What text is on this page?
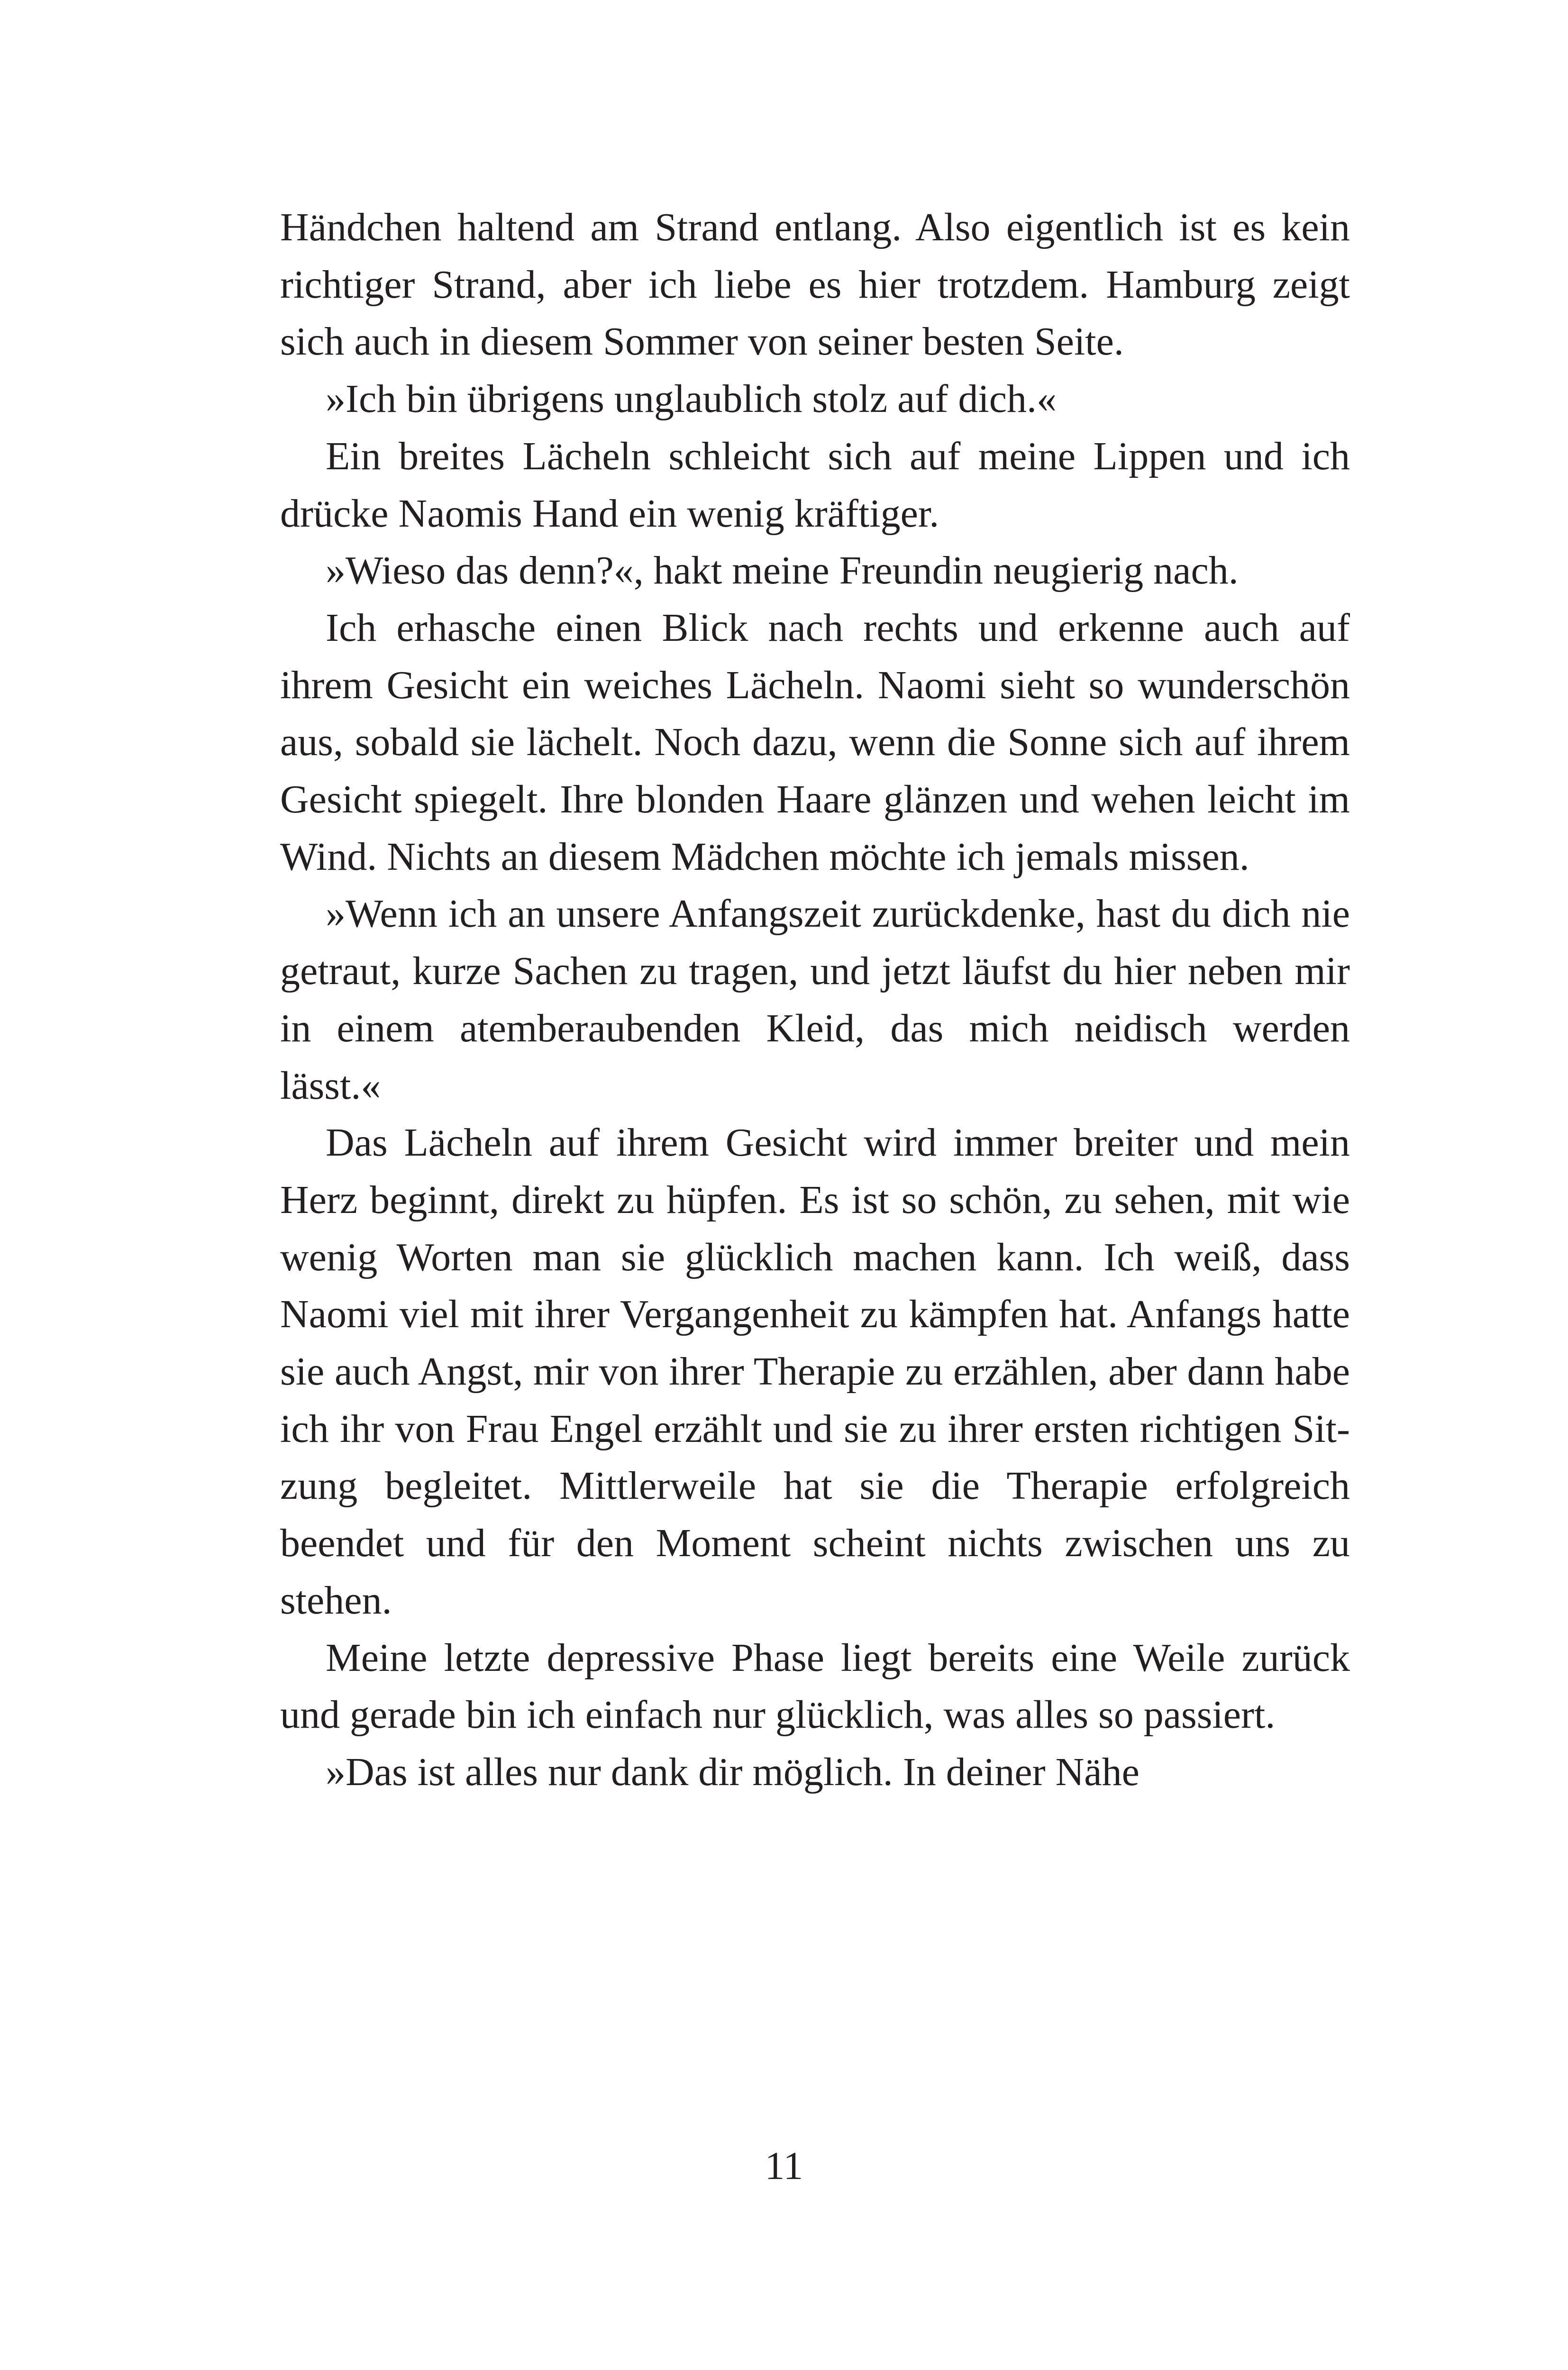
Händchen haltend am Strand entlang. Also eigentlich ist es kein richtiger Strand, aber ich liebe es hier trotzdem. Hamburg zeigt sich auch in diesem Sommer von seiner besten Seite.

»Ich bin übrigens unglaublich stolz auf dich.«

Ein breites Lächeln schleicht sich auf meine Lippen und ich drücke Naomis Hand ein wenig kräftiger.

»Wieso das denn?«, hakt meine Freundin neugierig nach.

Ich erhasche einen Blick nach rechts und erkenne auch auf ihrem Gesicht ein weiches Lächeln. Naomi sieht so wunderschön aus, sobald sie lächelt. Noch dazu, wenn die Sonne sich auf ihrem Gesicht spiegelt. Ihre blonden Haare glänzen und wehen leicht im Wind. Nichts an diesem Mädchen möchte ich jemals missen.

»Wenn ich an unsere Anfangszeit zurückdenke, hast du dich nie getraut, kurze Sachen zu tragen, und jetzt läufst du hier neben mir in einem atemberaubenden Kleid, das mich neidisch werden lässt.«

Das Lächeln auf ihrem Gesicht wird immer breiter und mein Herz beginnt, direkt zu hüpfen. Es ist so schön, zu sehen, mit wie wenig Worten man sie glücklich machen kann. Ich weiß, dass Naomi viel mit ihrer Vergangenheit zu kämpfen hat. Anfangs hatte sie auch Angst, mir von ihrer Therapie zu erzählen, aber dann habe ich ihr von Frau Engel erzählt und sie zu ihrer ersten richtigen Sitzung begleitet. Mittlerweile hat sie die Therapie erfolgreich beendet und für den Moment scheint nichts zwischen uns zu stehen.

Meine letzte depressive Phase liegt bereits eine Weile zurück und gerade bin ich einfach nur glücklich, was alles so passiert.

»Das ist alles nur dank dir möglich. In deiner Nähe

11
